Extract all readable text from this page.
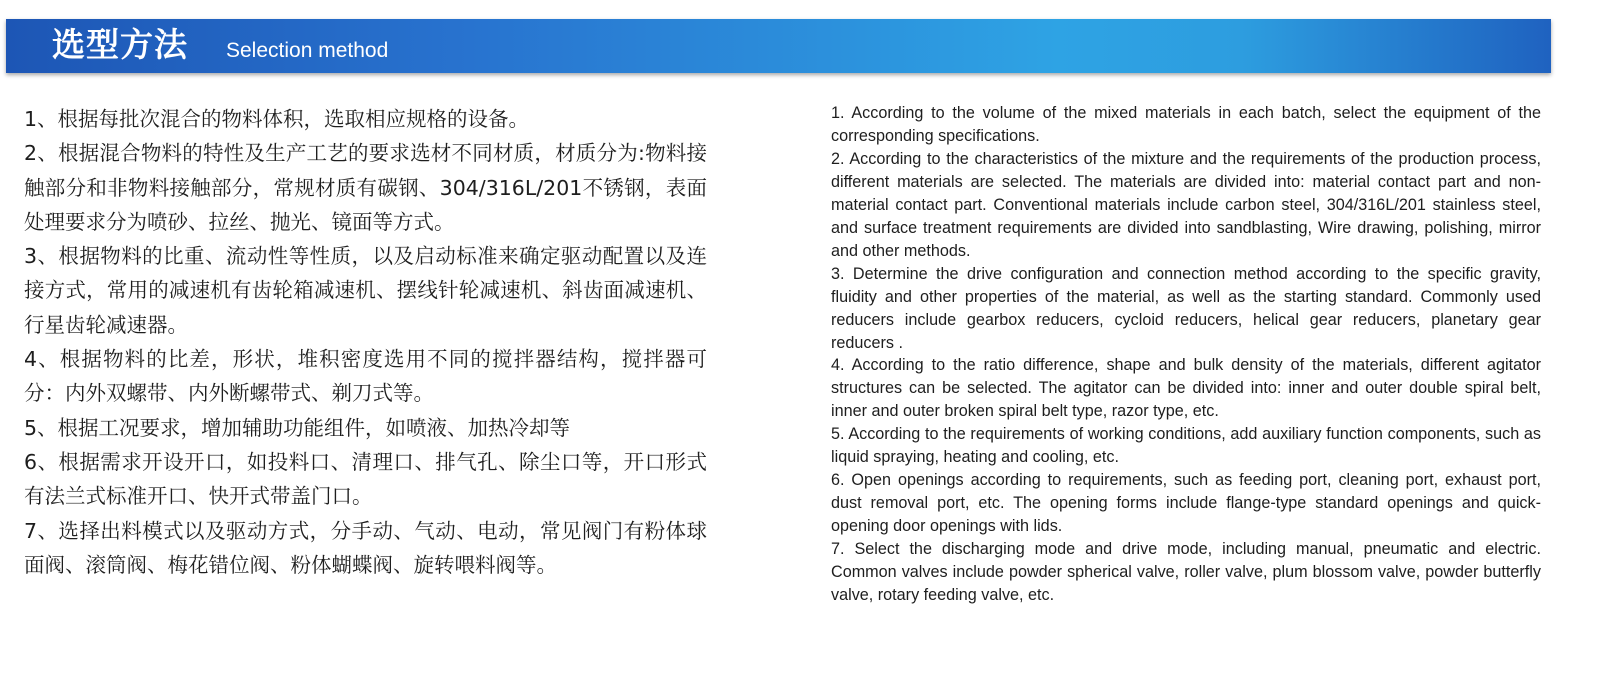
选型方法 Selection method
1、根据每批次混合的物料体积，选取相应规格的设备。
2、根据混合物料的特性及生产工艺的要求选材不同材质，材质分为:物料接触部分和非物料接触部分，常规材质有碳钢、304/316L/201不锈钢，表面处理要求分为喷砂、拉丝、抛光、镜面等方式。
3、根据物料的比重、流动性等性质，以及启动标准来确定驱动配置以及连接方式，常用的减速机有齿轮箱减速机、摆线针轮减速机、斜齿面减速机、行星齿轮减速器。
4、根据物料的比差，形状，堆积密度选用不同的搅拌器结构，搅拌器可分：内外双螺带、内外断螺带式、剃刀式等。
5、根据工况要求，增加辅助功能组件，如喷液、加热冷却等
6、根据需求开设开口，如投料口、清理口、排气孔、除尘口等，开口形式有法兰式标准开口、快开式带盖门口。
7、选择出料模式以及驱动方式，分手动、气动、电动，常见阀门有粉体球面阀、滚筒阀、梅花错位阀、粉体蝴蝶阀、旋转喂料阀等。
1. According to the volume of the mixed materials in each batch, select the equipment of the corresponding specifications.
2. According to the characteristics of the mixture and the requirements of the production process, different materials are selected. The materials are divided into: material contact part and non-material contact part. Conventional materials include carbon steel, 304/316L/201 stainless steel, and surface treatment requirements are divided into sandblasting, Wire drawing, polishing, mirror and other methods.
3. Determine the drive configuration and connection method according to the specific gravity, fluidity and other properties of the material, as well as the starting standard. Commonly used reducers include gearbox reducers, cycloid reducers, helical gear reducers, planetary gear reducers .
4. According to the ratio difference, shape and bulk density of the materials, different agitator structures can be selected. The agitator can be divided into: inner and outer double spiral belt, inner and outer broken spiral belt type, razor type, etc.
5. According to the requirements of working conditions, add auxiliary function components, such as liquid spraying, heating and cooling, etc.
6. Open openings according to requirements, such as feeding port, cleaning port, exhaust port, dust removal port, etc. The opening forms include flange-type standard openings and quick-opening door openings with lids.
7. Select the discharging mode and drive mode, including manual, pneumatic and electric. Common valves include powder spherical valve, roller valve, plum blossom valve, powder butterfly valve, rotary feeding valve, etc.
